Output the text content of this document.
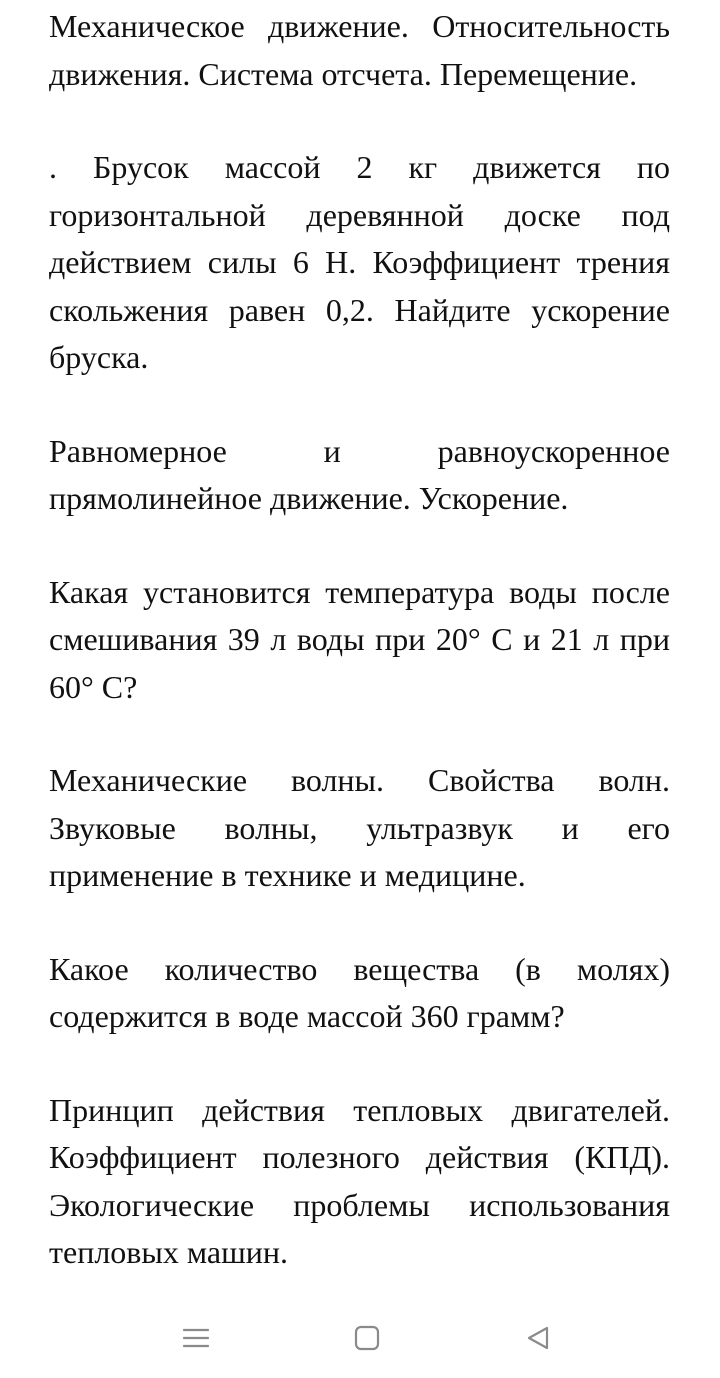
Механическое движение. Относительность движения. Система отсчета. Перемещение.

. Брусок массой 2 кг движется по горизонтальной деревянной доске под действием силы 6 Н. Коэффициент трения скольжения равен 0,2. Найдите ускорение бруска.

Равномерное и равноускоренное прямолинейное движение. Ускорение.

Какая установится температура воды после смешивания 39 л воды при 20° С и 21 л при 60° С?

Механические волны. Свойства волн. Звуковые волны, ультразвук и его применение в технике и медицине.

Какое количество вещества (в молях) содержится в воде массой 360 грамм?

Принцип действия тепловых двигателей. Коэффициент полезного действия (КПД). Экологические проблемы использования тепловых машин.
